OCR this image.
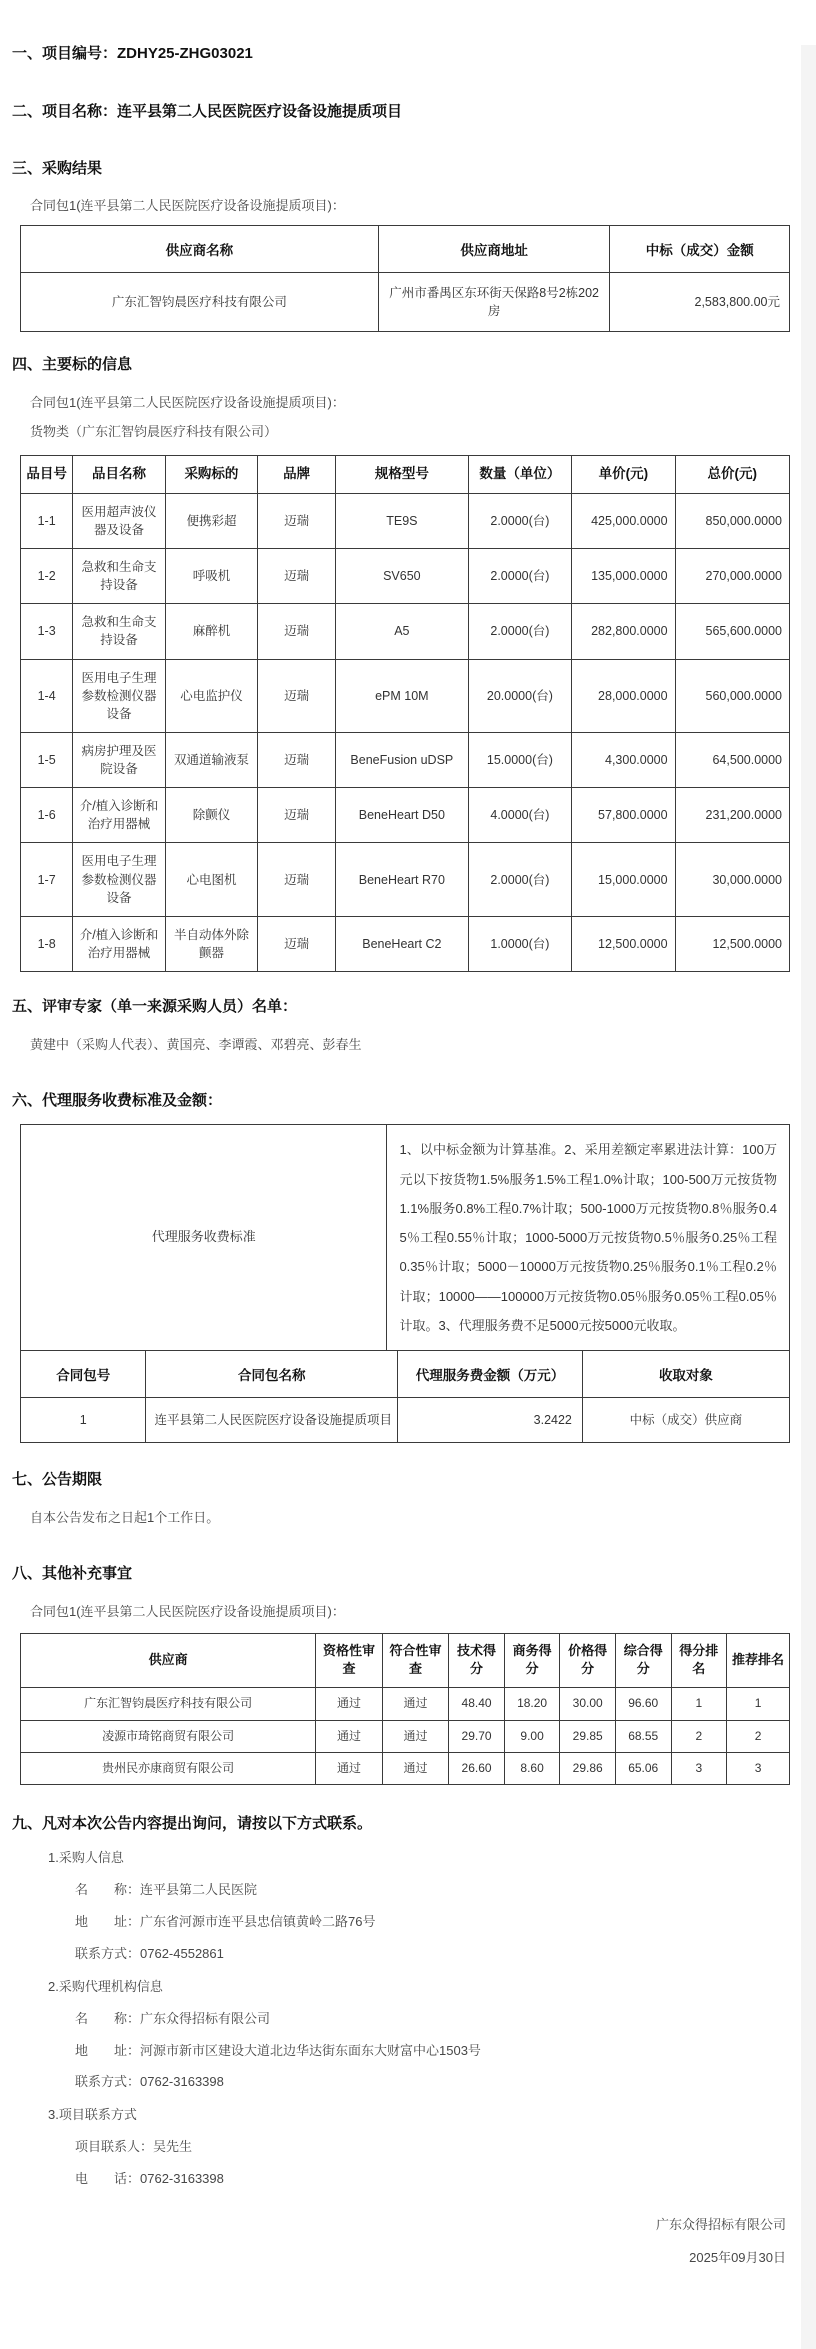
一、项目编号：ZDHY25-ZHG03021
二、项目名称：连平县第二人民医院医疗设备设施提质项目
三、采购结果
合同包1(连平县第二人民医院医疗设备设施提质项目)：
供应商名称	供应商地址	中标（成交）金额
广东汇智钧晨医疗科技有限公司	广州市番禺区东环街天保路8号2栋202房	2,583,800.00元
四、主要标的信息
合同包1(连平县第二人民医院医疗设备设施提质项目)：
货物类（广东汇智钧晨医疗科技有限公司）
品目号	品目名称	采购标的	品牌	规格型号	数量（单位）	单价(元)	总价(元)
1-1	医用超声波仪器及设备	便携彩超	迈瑞	TE9S	2.0000(台)	425,000.0000	850,000.0000
1-2	急救和生命支持设备	呼吸机	迈瑞	SV650	2.0000(台)	135,000.0000	270,000.0000
1-3	急救和生命支持设备	麻醉机	迈瑞	A5	2.0000(台)	282,800.0000	565,600.0000
1-4	医用电子生理参数检测仪器设备	心电监护仪	迈瑞	ePM 10M	20.0000(台)	28,000.0000	560,000.0000
1-5	病房护理及医院设备	双通道输液泵	迈瑞	BeneFusion uDSP	15.0000(台)	4,300.0000	64,500.0000
1-6	介/植入诊断和治疗用器械	除颤仪	迈瑞	BeneHeart D50	4.0000(台)	57,800.0000	231,200.0000
1-7	医用电子生理参数检测仪器设备	心电图机	迈瑞	BeneHeart R70	2.0000(台)	15,000.0000	30,000.0000
1-8	介/植入诊断和治疗用器械	半自动体外除颤器	迈瑞	BeneHeart C2	1.0000(台)	12,500.0000	12,500.0000
五、评审专家（单一来源采购人员）名单：
黄建中（采购人代表）、黄国亮、李谭霞、邓碧亮、彭春生
六、代理服务收费标准及金额：
代理服务收费标准	1、以中标金额为计算基准。2、采用差额定率累进法计算：100万元以下按货物1.5%服务1.5%工程1.0%计取；100-500万元按货物1.1%服务0.8%工程0.7%计取；500-1000万元按货物0.8％服务0.45％工程0.55％计取；1000-5000万元按货物0.5％服务0.25％工程0.35％计取；5000－10000万元按货物0.25％服务0.1％工程0.2％计取；10000——100000万元按货物0.05％服务0.05％工程0.05％计取。3、代理服务费不足5000元按5000元收取。
合同包号	合同包名称	代理服务费金额（万元）	收取对象
1	连平县第二人民医院医疗设备设施提质项目	3.2422	中标（成交）供应商
七、公告期限
自本公告发布之日起1个工作日。
八、其他补充事宜
合同包1(连平县第二人民医院医疗设备设施提质项目)：
供应商	资格性审查	符合性审查	技术得分	商务得分	价格得分	综合得分	得分排名	推荐排名
广东汇智钧晨医疗科技有限公司	通过	通过	48.40	18.20	30.00	96.60	1	1
凌源市琦铭商贸有限公司	通过	通过	29.70	9.00	29.85	68.55	2	2
贵州民亦康商贸有限公司	通过	通过	26.60	8.60	29.86	65.06	3	3
九、凡对本次公告内容提出询问，请按以下方式联系。
1.采购人信息
名　　称：连平县第二人民医院
地　　址：广东省河源市连平县忠信镇黄岭二路76号
联系方式：0762-4552861
2.采购代理机构信息
名　　称：广东众得招标有限公司
地　　址：河源市新市区建设大道北边华达街东面东大财富中心1503号
联系方式：0762-3163398
3.项目联系方式
项目联系人：吴先生
电　　话：0762-3163398
广东众得招标有限公司
2025年09月30日
